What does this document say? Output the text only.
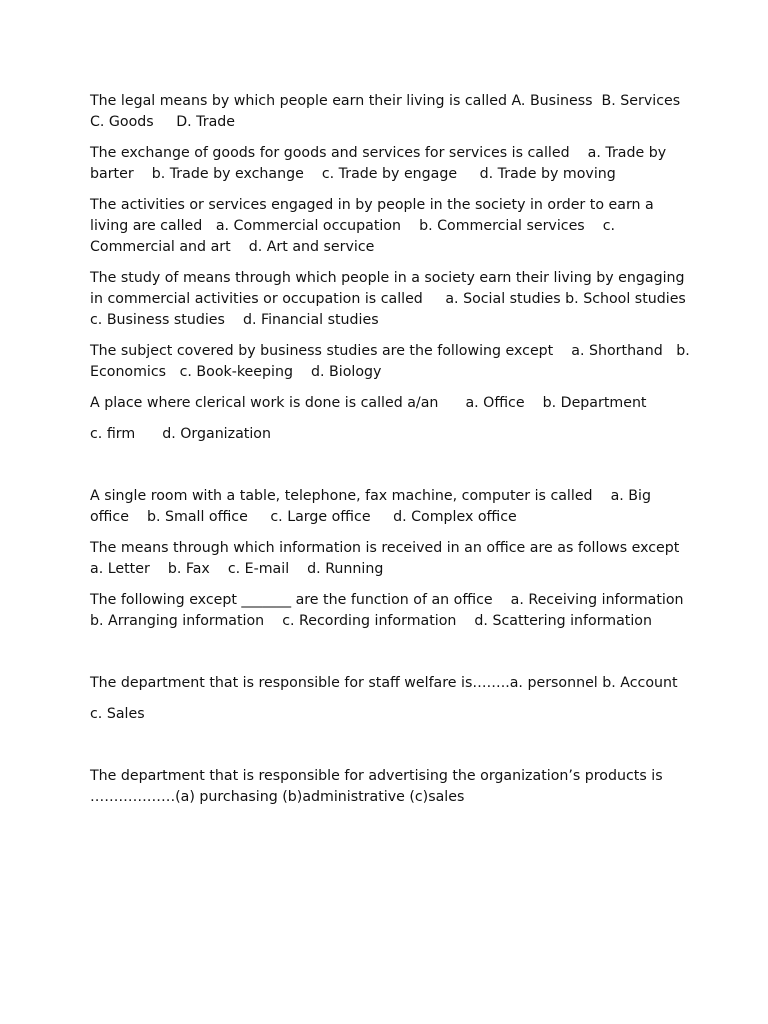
The legal means by which people earn their living is called A. Business  B. Services   C. Goods     D. Trade

The exchange of goods for goods and services for services is called    a. Trade by barter    b. Trade by exchange    c. Trade by engage     d. Trade by moving

The activities or services engaged in by people in the society in order to earn a living are called   a. Commercial occupation    b. Commercial services    c. Commercial and art    d. Art and service

The study of means through which people in a society earn their living by engaging in commercial activities or occupation is called     a. Social studies b. School studies    c. Business studies    d. Financial studies

The subject covered by business studies are the following except    a. Shorthand   b. Economics   c. Book-keeping    d. Biology

A place where clerical work is done is called a/an      a. Office    b. Department

c. firm      d. Organization

A single room with a table, telephone, fax machine, computer is called    a. Big office    b. Small office     c. Large office     d. Complex office

The means through which information is received in an office are as follows except    a. Letter    b. Fax    c. E-mail    d. Running

The following except _______ are the function of an office    a. Receiving information    b. Arranging information    c. Recording information    d. Scattering information

The department that is responsible for staff welfare is……..a. personnel b. Account

c. Sales

The department that is responsible for advertising the organization’s products is ………………(a) purchasing (b)administrative (c)sales
